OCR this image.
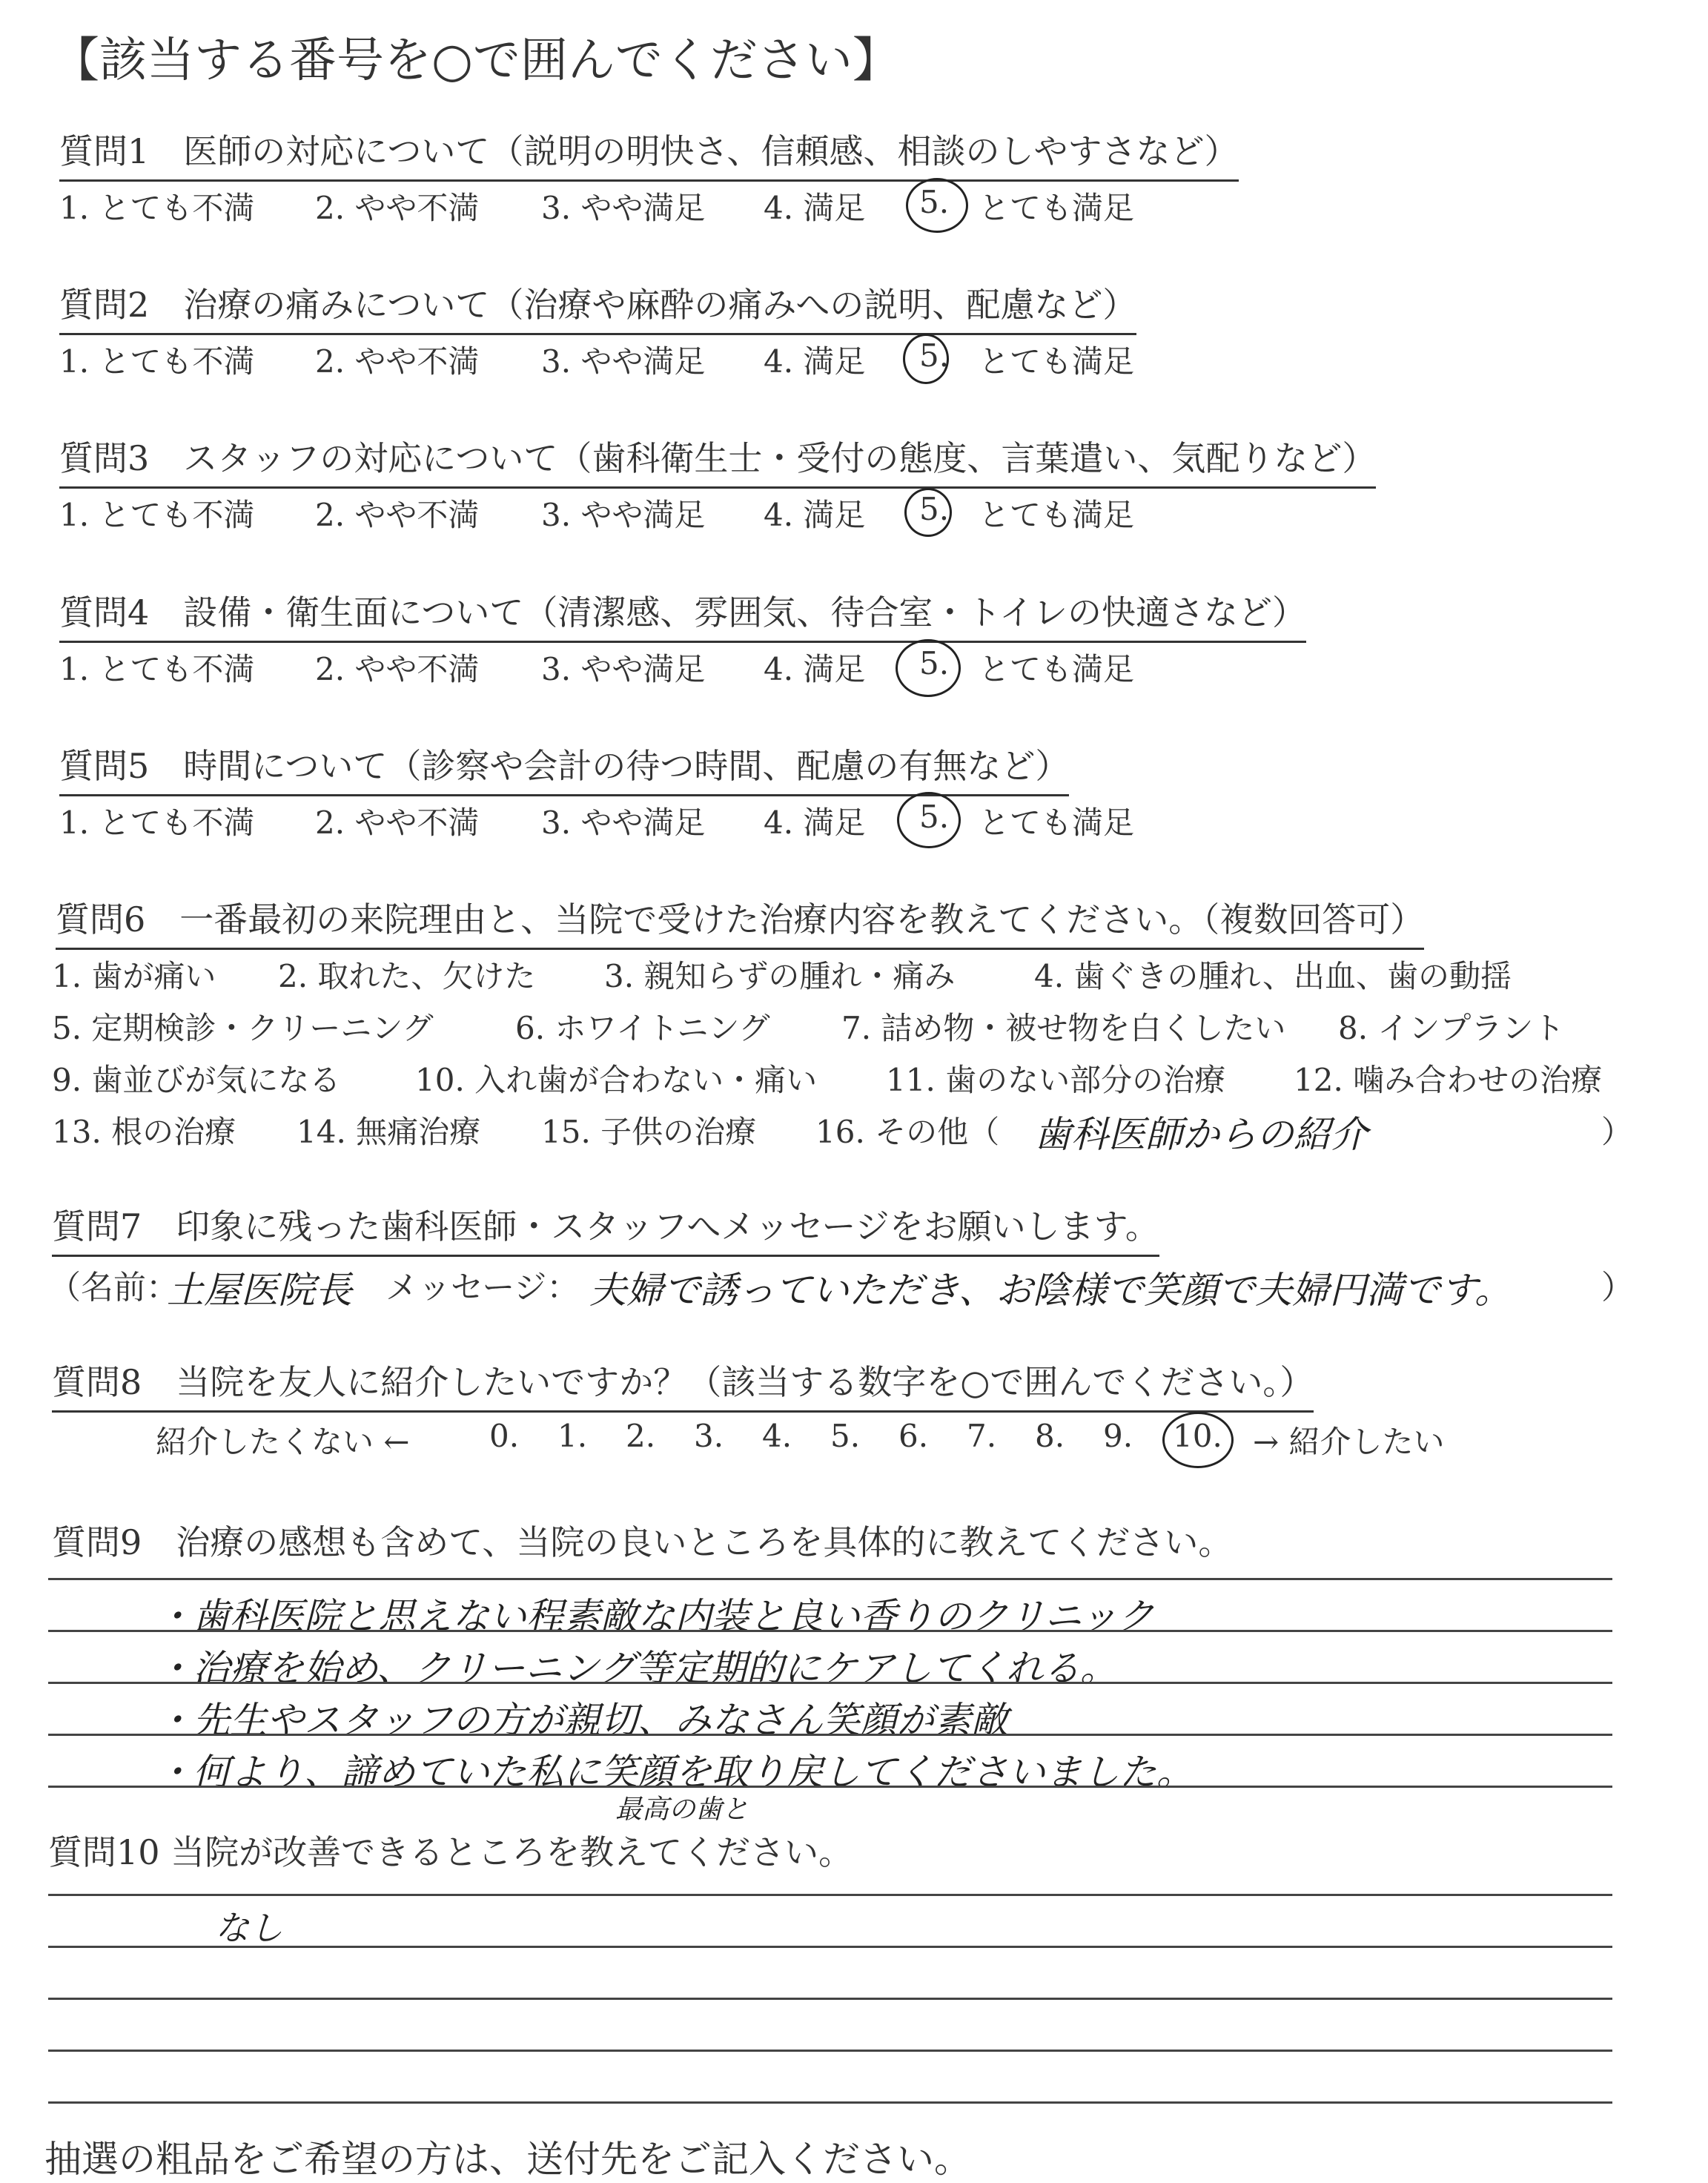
【該当する番号を○で囲んでください】
質問1　医師の対応について（説明の明快さ、信頼感、相談のしやすさなど）
1. とても不満 2. やや不満 3. やや満足 4. 満足 5. とても満足
質問2　治療の痛みについて（治療や麻酔の痛みへの説明、配慮など）
1. とても不満 2. やや不満 3. やや満足 4. 満足 5. とても満足
質問3　スタッフの対応について（歯科衛生士・受付の態度、言葉遣い、気配りなど）
1. とても不満 2. やや不満 3. やや満足 4. 満足 5. とても満足
質問4　設備・衛生面について（清潔感、雰囲気、待合室・トイレの快適さなど）
1. とても不満 2. やや不満 3. やや満足 4. 満足 5. とても満足
質問5　時間について（診察や会計の待つ時間、配慮の有無など）
1. とても不満 2. やや不満 3. やや満足 4. 満足 5. とても満足
質問6　一番最初の来院理由と、当院で受けた治療内容を教えてください。（複数回答可）
1. 歯が痛い 2. 取れた、欠けた 3. 親知らずの腫れ・痛み	4. 歯ぐきの腫れ、出血、歯の動揺
5. 定期検診・クリーニング	6. ホワイトニング 7. 詰め物・被せ物を白くしたい 8. インプラント
9. 歯並びが気になる 10. 入れ歯が合わない・痛い 11. 歯のない部分の治療 12. 噛み合わせの治療
13. 根の治療 14. 無痛治療 15. 子供の治療 16. その他（	）
歯科医師からの紹介
質問7　印象に残った歯科医師・スタッフへメッセージをお願いします。
（名前：
土屋医院長 メッセージ： 夫婦で誘っていただき、お陰様で笑顔で夫婦円満です。	）
質問8　当院を友人に紹介したいですか？（該当する数字を○で囲んでください。）
紹介したくない ←	0. 1. 2. 3. 4. 5. 6. 7. 8. 9. 10. → 紹介したい
質問9　治療の感想も含めて、当院の良いところを具体的に教えてください。
・歯科医院と思えない程素敵な内装と良い香りのクリニック
・治療を始め、クリーニング等定期的にケアしてくれる。
・先生やスタッフの方が親切、みなさん笑顔が素敵
・何より、諦めていた私に笑顔を取り戻してくださいました。
最高の歯と
質問10 当院が改善できるところを教えてください。
なし
抽選の粗品をご希望の方は、送付先をご記入ください。
